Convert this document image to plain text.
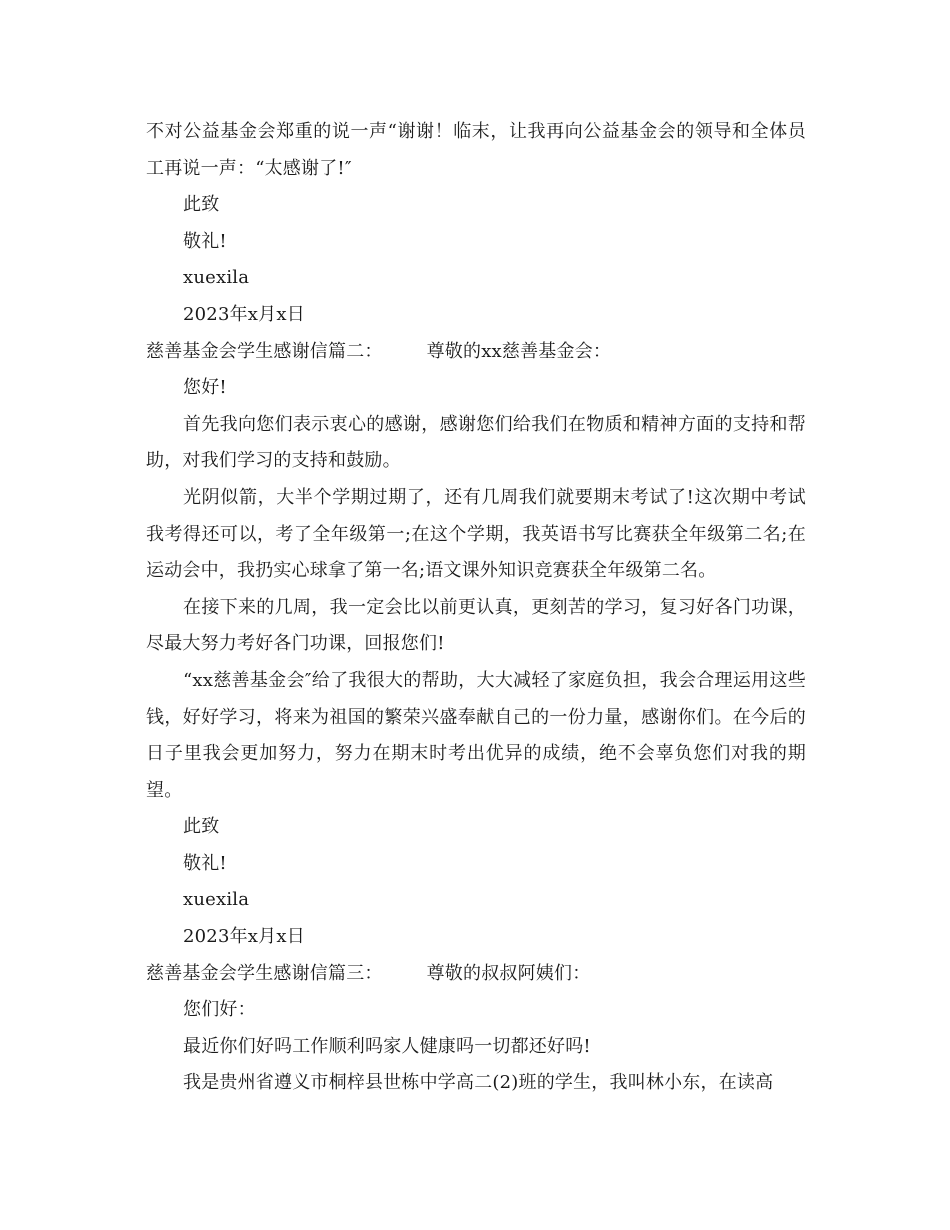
不对公益基金会郑重的说一声“谢谢！临末，让我再向公益基金会的领导和全体员工再说一声：“太感谢了!″

此致

敬礼!

xuexila

2023年x月x日

慈善基金会学生感谢信篇二： 尊敬的xx慈善基金会：

您好!

首先我向您们表示衷心的感谢，感谢您们给我们在物质和精神方面的支持和帮助，对我们学习的支持和鼓励。

光阴似箭，大半个学期过期了，还有几周我们就要期末考试了!这次期中考试我考得还可以，考了全年级第一;在这个学期，我英语书写比赛获全年级第二名;在运动会中，我扔实心球拿了第一名;语文课外知识竞赛获全年级第二名。

在接下来的几周，我一定会比以前更认真，更刻苦的学习，复习好各门功课，尽最大努力考好各门功课，回报您们!

“xx慈善基金会″给了我很大的帮助，大大减轻了家庭负担，我会合理运用这些钱，好好学习，将来为祖国的繁荣兴盛奉献自己的一份力量，感谢你们。在今后的日子里我会更加努力，努力在期末时考出优异的成绩，绝不会辜负您们对我的期望。

此致

敬礼!

xuexila

2023年x月x日

慈善基金会学生感谢信篇三： 尊敬的叔叔阿姨们：

您们好：

最近你们好吗工作顺利吗家人健康吗一切都还好吗!

我是贵州省遵义市桐梓县世栋中学高二(2)班的学生，我叫林小东，在读高
